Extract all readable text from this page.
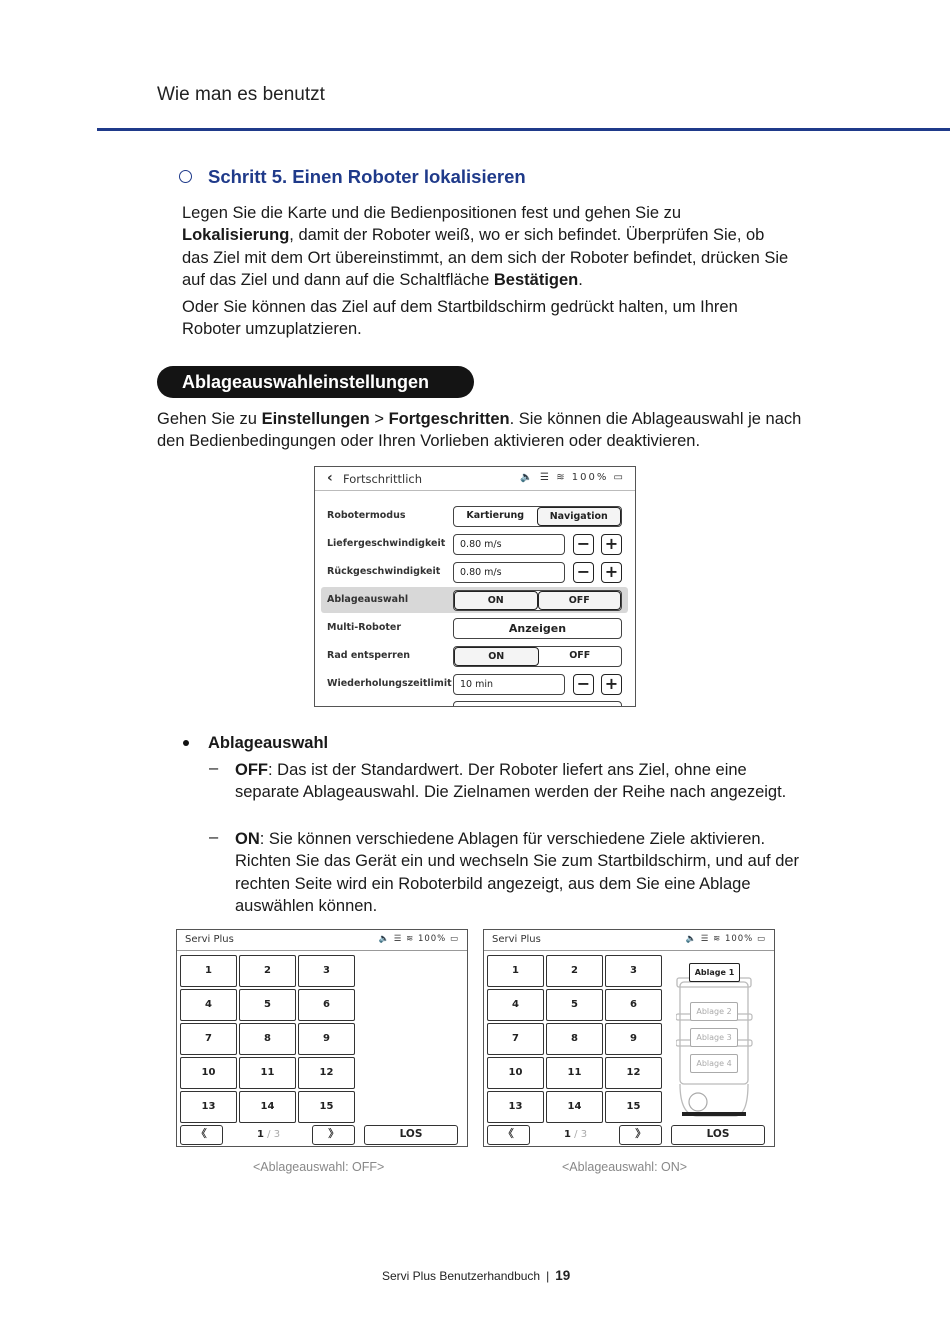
Wie man es benutzt
Schritt 5. Einen Roboter lokalisieren
Legen Sie die Karte und die Bedienpositionen fest und gehen Sie zu Lokalisierung, damit der Roboter weiß, wo er sich befindet. Überprüfen Sie, ob das Ziel mit dem Ort übereinstimmt, an dem sich der Roboter befindet, drücken Sie auf das Ziel und dann auf die Schaltfläche Bestätigen.
Oder Sie können das Ziel auf dem Startbildschirm gedrückt halten, um Ihren Roboter umzuplatzieren.
Ablageauswahleinstellungen
Gehen Sie zu Einstellungen > Fortgeschritten. Sie können die Ablageauswahl je nach den Bedienbedingungen oder Ihren Vorlieben aktivieren oder deaktivieren.
‹ Fortschrittlich	🔈 ☰ ≋ 100% ▭
Robotermodus	Kartierung	Navigation
Liefergeschwindigkeit	0.80 m/s	− +
Rückgeschwindigkeit	0.80 m/s	− +
Ablageauswahl	ON	OFF
Multi-Roboter	Anzeigen
Rad entsperren	ON	OFF
Wiederholungszeitlimit 10 min	− +
Ablageauswahl
– OFF: Das ist der Standardwert. Der Roboter liefert ans Ziel, ohne eine separate Ablageauswahl. Die Zielnamen werden der Reihe nach angezeigt.
– ON: Sie können verschiedene Ablagen für verschiedene Ziele aktivieren. Richten Sie das Gerät ein und wechseln Sie zum Startbildschirm, und auf der rechten Seite wird ein Roboterbild angezeigt, aus dem Sie eine Ablage auswählen können.
Servi Plus	🔈 ☰ ≋ 100% ▭
1	2	3
4	5	6
7	8	9
10	11	12
13	14	15
《	1 / 3	》	LOS
Servi Plus	🔈 ☰ ≋ 100% ▭
1	2	3
4	5	6
7	8	9
10	11	12
13	14	15
Ablage 1
Ablage 2
Ablage 3
Ablage 4
《	1 / 3	》	LOS
<Ablageauswahl: OFF>	<Ablageauswahl: ON>
Servi Plus Benutzerhandbuch | 19
